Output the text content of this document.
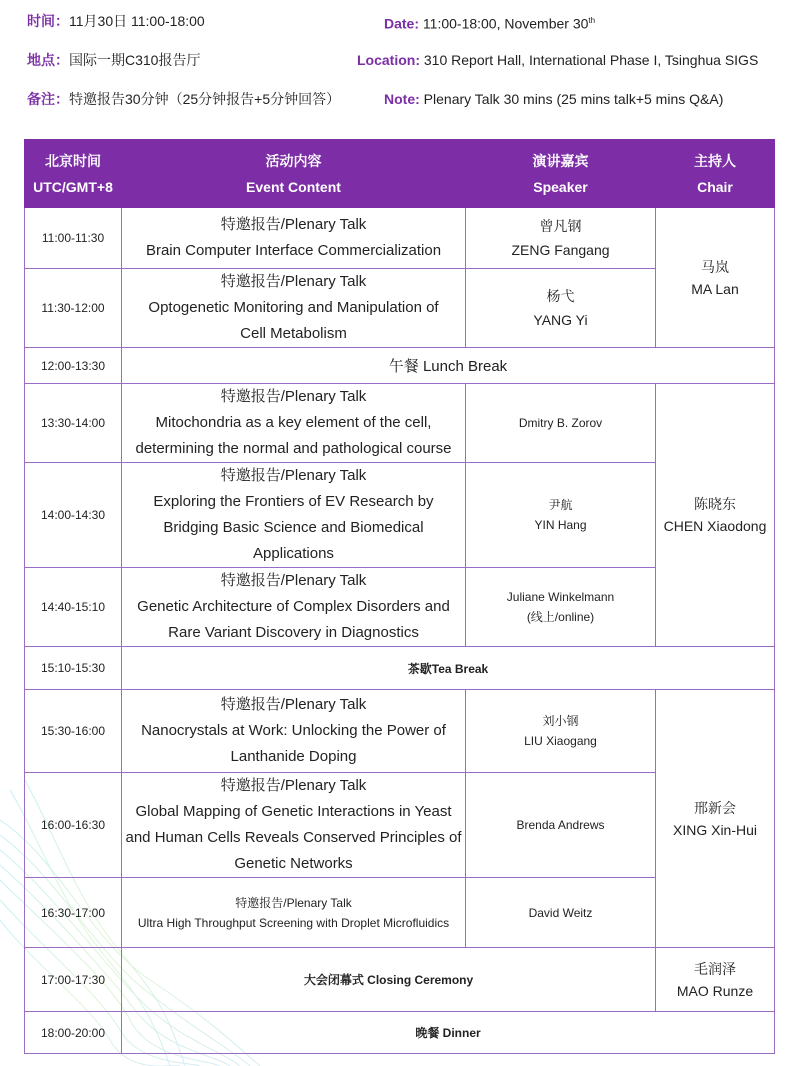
时间：11月30日 11:00-18:00
地点：国际一期C310报告厅
备注：特邀报告30分钟（25分钟报告+5分钟回答）
Date: 11:00-18:00, November 30th
Location: 310 Report Hall, International Phase I, Tsinghua SIGS
Note: Plenary Talk 30 mins (25 mins talk+5 mins Q&A)
北京时间
UTC/GMT+8	活动内容
Event Content	演讲嘉宾
Speaker	主持人
Chair

11:00-11:30	特邀报告/Plenary Talk
Brain Computer Interface Commercialization	曾凡钢
ZENG Fangang	马岚
MA Lan

11:30-12:00	特邀报告/Plenary Talk
Optogenetic Monitoring and Manipulation of
Cell Metabolism	杨弋
YANG Yi	

12:00-13:30	午餐 Lunch Break		
13:30-14:00	特邀报告/Plenary Talk
Mitochondria as a key element of the cell,
determining the normal and pathological course	Dmitry B. Zorov	陈晓东
CHEN Xiaodong

14:00-14:30	特邀报告/Plenary Talk
Exploring the Frontiers of EV Research by
Bridging Basic Science and Biomedical
Applications	尹航
YIN Hang	

14:40-15:10	特邀报告/Plenary Talk
Genetic Architecture of Complex Disorders and
Rare Variant Discovery in Diagnostics	Juliane Winkelmann
(线上/online)	

15:10-15:30	茶歇Tea Break		
15:30-16:00	特邀报告/Plenary Talk
Nanocrystals at Work: Unlocking the Power of
Lanthanide Doping	刘小钢
LIU Xiaogang	邢新会
XING Xin-Hui

16:00-16:30	特邀报告/Plenary Talk
Global Mapping of Genetic Interactions in Yeast
and Human Cells Reveals Conserved Principles of
Genetic Networks	Brenda Andrews	

16:30-17:00	特邀报告/Plenary Talk
Ultra High Throughput Screening with Droplet Microfluidics	David Weitz	

17:00-17:30	大会闭幕式 Closing Ceremony		毛润泽
MAO Runze

18:00-20:00	晚餐 Dinner		
